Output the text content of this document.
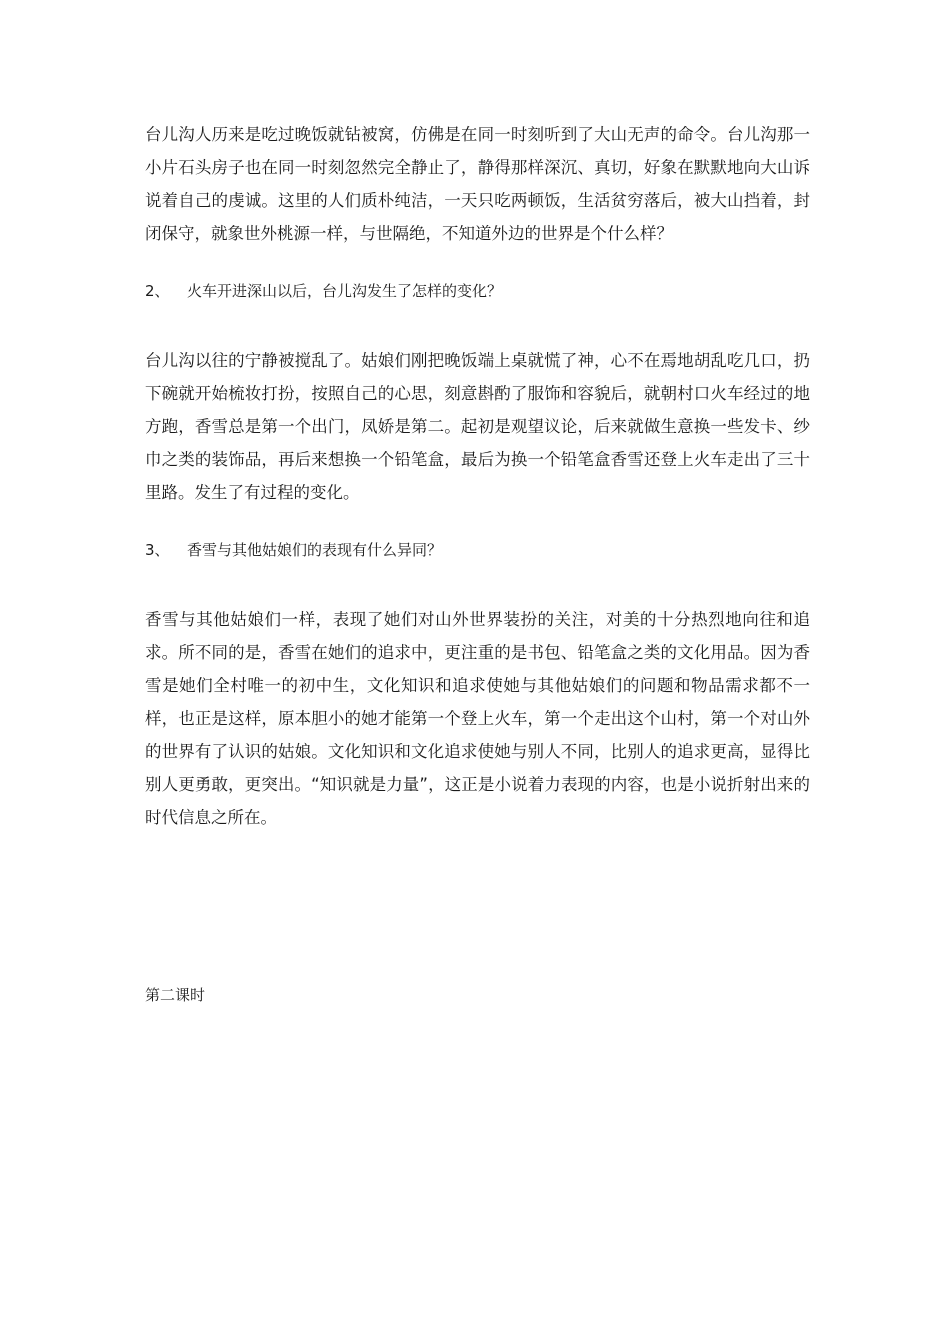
台儿沟人历来是吃过晚饭就钻被窝，仿佛是在同一时刻听到了大山无声的命令。台儿沟那一小片石头房子也在同一时刻忽然完全静止了，静得那样深沉、真切，好象在默默地向大山诉说着自己的虔诚。这里的人们质朴纯洁，一天只吃两顿饭，生活贫穷落后，被大山挡着，封闭保守，就象世外桃源一样，与世隔绝，不知道外边的世界是个什么样？

2、 火车开进深山以后，台儿沟发生了怎样的变化？

台儿沟以往的宁静被搅乱了。姑娘们刚把晚饭端上桌就慌了神，心不在焉地胡乱吃几口，扔下碗就开始梳妆打扮，按照自己的心思，刻意斟酌了服饰和容貌后，就朝村口火车经过的地方跑，香雪总是第一个出门，凤娇是第二。起初是观望议论，后来就做生意换一些发卡、纱巾之类的装饰品，再后来想换一个铅笔盒，最后为换一个铅笔盒香雪还登上火车走出了三十里路。发生了有过程的变化。

3、 香雪与其他姑娘们的表现有什么异同？

香雪与其他姑娘们一样，表现了她们对山外世界装扮的关注，对美的十分热烈地向往和追求。所不同的是，香雪在她们的追求中，更注重的是书包、铅笔盒之类的文化用品。因为香雪是她们全村唯一的初中生，文化知识和追求使她与其他姑娘们的问题和物品需求都不一样，也正是这样，原本胆小的她才能第一个登上火车，第一个走出这个山村，第一个对山外的世界有了认识的姑娘。文化知识和文化追求使她与别人不同，比别人的追求更高，显得比别人更勇敢，更突出。“知识就是力量”，这正是小说着力表现的内容，也是小说折射出来的时代信息之所在。

第二课时
